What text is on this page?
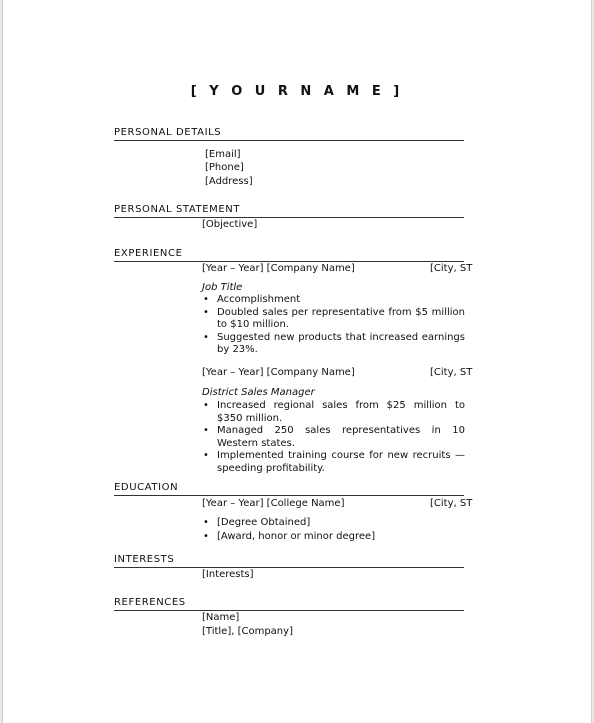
[ Y O U R N A M E ]
PERSONAL DETAILS
[Email]
[Phone]
[Address]
PERSONAL STATEMENT
[Objective]
EXPERIENCE
[Year – Year] [Company Name]	[City, ST
Job Title
• Accomplishment
• Doubled sales per representative from $5 million to $10 million.
• Suggested new products that increased earnings by 23%.
[Year – Year] [Company Name]	[City, ST
District Sales Manager
• Increased regional sales from $25 million to $350 million.
• Managed 250 sales representatives in 10 Western states.
• Implemented training course for new recruits — speeding profitability.
EDUCATION
[Year – Year] [College Name]	[City, ST
• [Degree Obtained]
• [Award, honor or minor degree]
INTERESTS
[Interests]
REFERENCES
[Name]
[Title], [Company]
